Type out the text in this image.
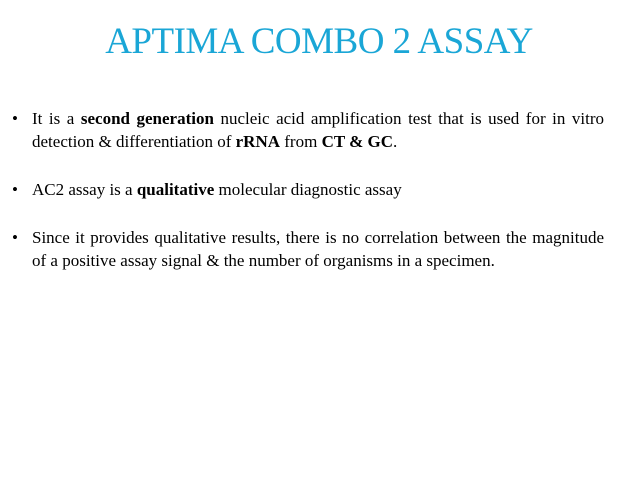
APTIMA COMBO 2 ASSAY
• It is a second generation nucleic acid amplification test that is used for in vitro detection & differentiation of rRNA from CT & GC.
• AC2 assay is a qualitative molecular diagnostic assay
• Since it provides qualitative results, there is no correlation between the magnitude of a positive assay signal & the number of organisms in a specimen.
